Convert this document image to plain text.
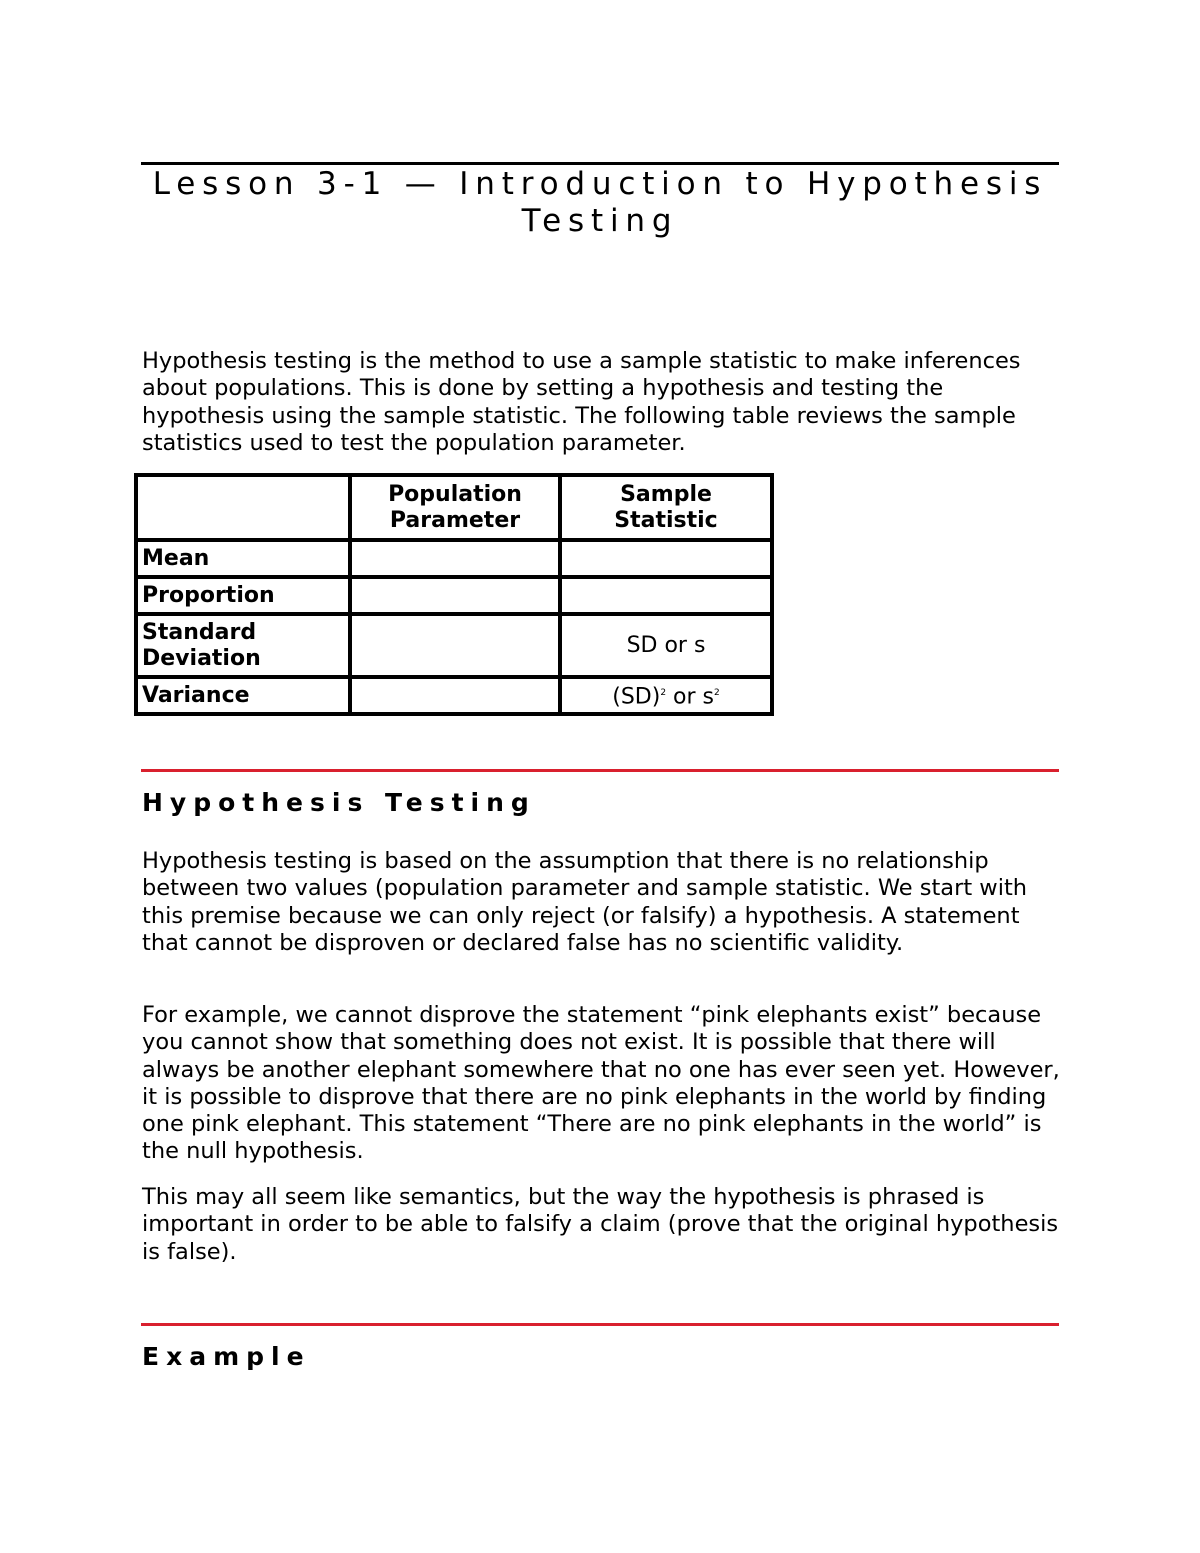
Lesson 3-1 — Introduction to Hypothesis
Testing

Hypothesis testing is the method to use a sample statistic to make inferences about populations. This is done by setting a hypothesis and testing the hypothesis using the sample statistic. The following table reviews the sample statistics used to test the population parameter.

	Population Parameter	Sample Statistic
Mean		
Proportion		
Standard Deviation		SD or s
Variance		(SD)$^2$ or $s^2$
Hypothesis Testing

Hypothesis testing is based on the assumption that there is no relationship between two values (population parameter and sample statistic. We start with this premise because we can only reject (or falsify) a hypothesis. A statement that cannot be disproven or declared false has no scientific validity.

For example, we cannot disprove the statement “pink elephants exist” because you cannot show that something does not exist. It is possible that there will always be another elephant somewhere that no one has ever seen yet. However, it is possible to disprove that there are no pink elephants in the world by finding one pink elephant. This statement “There are no pink elephants in the world” is the null hypothesis.

This may all seem like semantics, but the way the hypothesis is phrased is important in order to be able to falsify a claim (prove that the original hypothesis is false).

Example
